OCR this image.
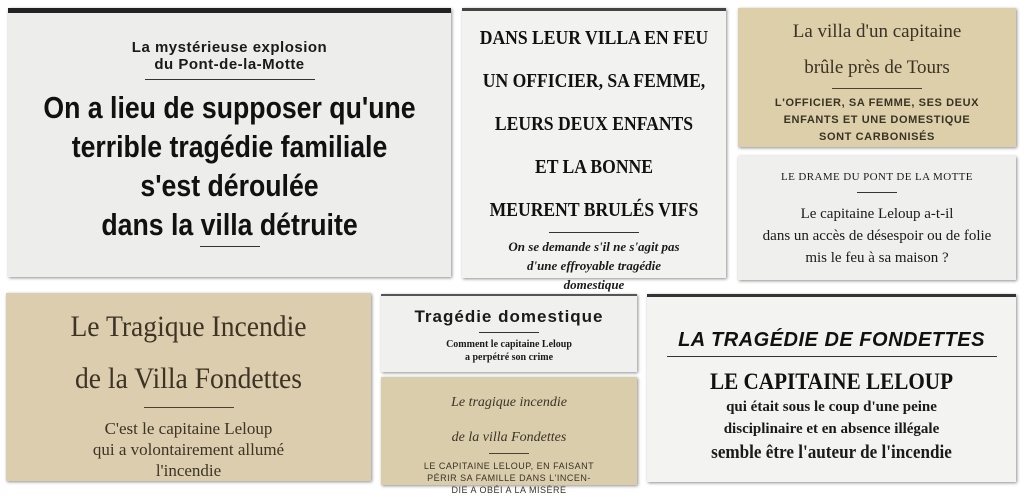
La mystérieuse explosion

du Pont-de-la-Motte

On a lieu de supposer qu'une

terrible tragédie familiale

s'est déroulée

dans la villa détruite

DANS LEUR VILLA EN FEU

UN OFFICIER, SA FEMME,

LEURS DEUX ENFANTS

ET LA BONNE

MEURENT BRULÉS VIFS

On se demande s'il ne s'agit pas

d'une effroyable tragédie

domestique

La villa d'un capitaine

brûle près de Tours

L'OFFICIER, SA FEMME, SES DEUX

ENFANTS ET UNE DOMESTIQUE

SONT CARBONISÉS

LE DRAME DU PONT DE LA MOTTE

Le capitaine Leloup a-t-il

dans un accès de désespoir ou de folie

mis le feu à sa maison ?

Le Tragique Incendie

de la Villa Fondettes

C'est le capitaine Leloup

qui a volontairement allumé

l'incendie

Tragédie domestique

Comment le capitaine Leloup

a perpétré son crime

Le tragique incendie

de la villa Fondettes

LE CAPITAINE LELOUP, EN FAISANT

PÉRIR SA FAMILLE DANS L'INCEN-

DIE A OBÉI A LA MISÈRE

LA TRAGÉDIE DE FONDETTES

LE CAPITAINE LELOUP

qui était sous le coup d'une peine

disciplinaire et en absence illégale

semble être l'auteur de l'incendie
